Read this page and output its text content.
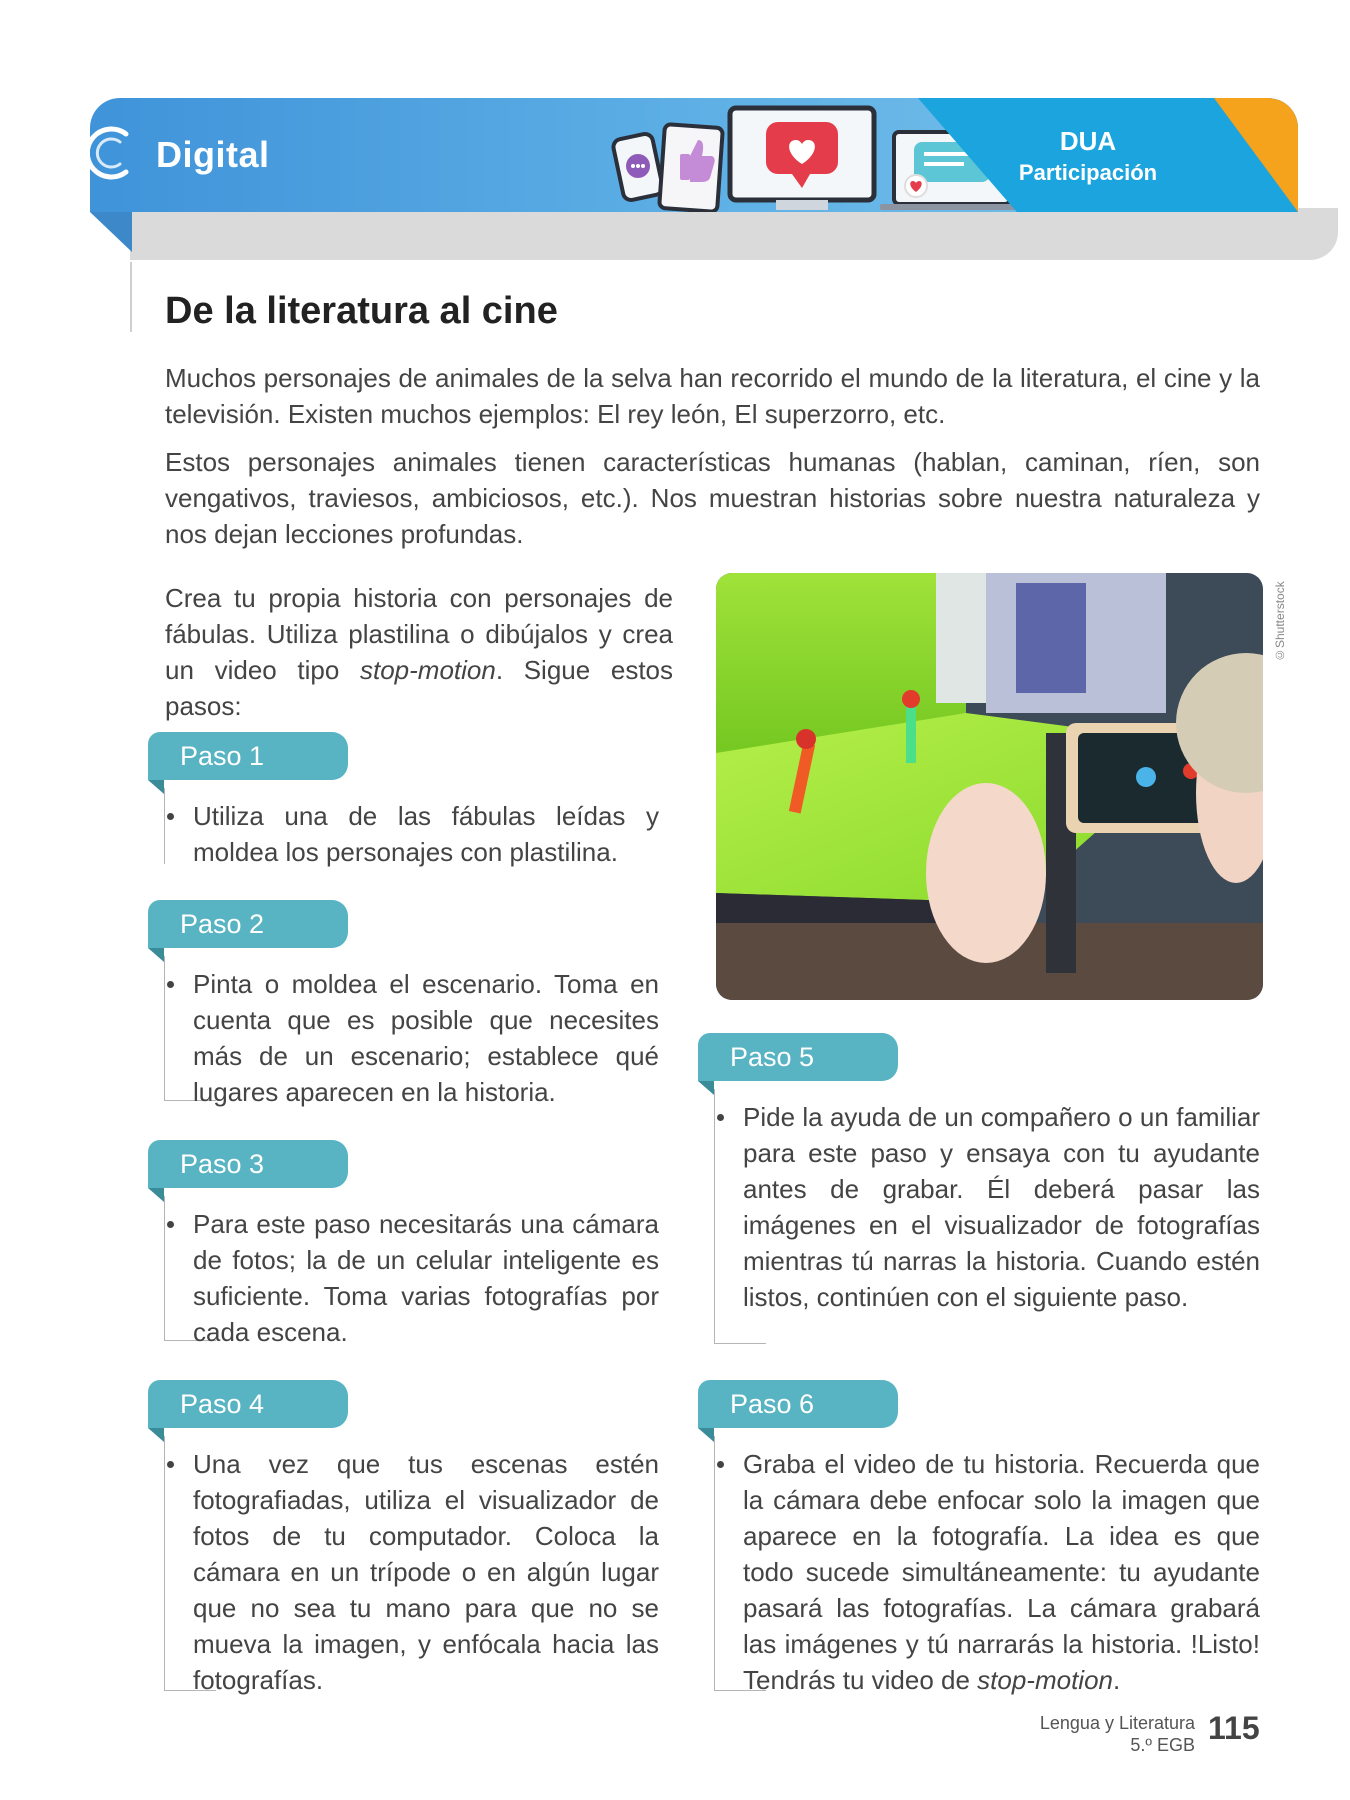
Digital	DUA
Participación
De la literatura al cine
Muchos personajes de animales de la selva han recorrido el mundo de la literatura, el cine y la televisión. Existen muchos ejemplos: El rey león, El superzorro, etc.
Estos personajes animales tienen características humanas (hablan, caminan, ríen, son vengativos, traviesos, ambiciosos, etc.). Nos muestran historias sobre nuestra naturaleza y nos dejan lecciones profundas.
Crea tu propia historia con personajes de fábulas. Utiliza plastilina o dibújalos y crea un video tipo stop-motion. Sigue estos pasos:
©Shutterstock
Paso 1
Utiliza una de las fábulas leídas y moldea los personajes con plastilina.
Paso 2
Pinta o moldea el escenario. Toma en cuenta que es posible que necesites más de un escenario; establece qué lugares aparecen en la historia.
Paso 3
Para este paso necesitarás una cámara de fotos; la de un celular inteligente es suficiente. Toma varias fotografías por cada escena.
Paso 4
Una vez que tus escenas estén fotografiadas, utiliza el visualizador de fotos de tu computador. Coloca la cámara en un trípode o en algún lugar que no sea tu mano para que no se mueva la imagen, y enfócala hacia las fotografías.
Paso 5
Pide la ayuda de un compañero o un familiar para este paso y ensaya con tu ayudante antes de grabar. Él deberá pasar las imágenes en el visualizador de fotografías mientras tú narras la historia. Cuando estén listos, continúen con el siguiente paso.
Paso 6
Graba el video de tu historia. Recuerda que la cámara debe enfocar solo la imagen que aparece en la fotografía. La idea es que todo sucede simultáneamente: tu ayudante pasará las fotografías. La cámara grabará las imágenes y tú narrarás la historia. !Listo! Tendrás tu video de stop-motion.
Lengua y Literatura
5.º EGB 115
